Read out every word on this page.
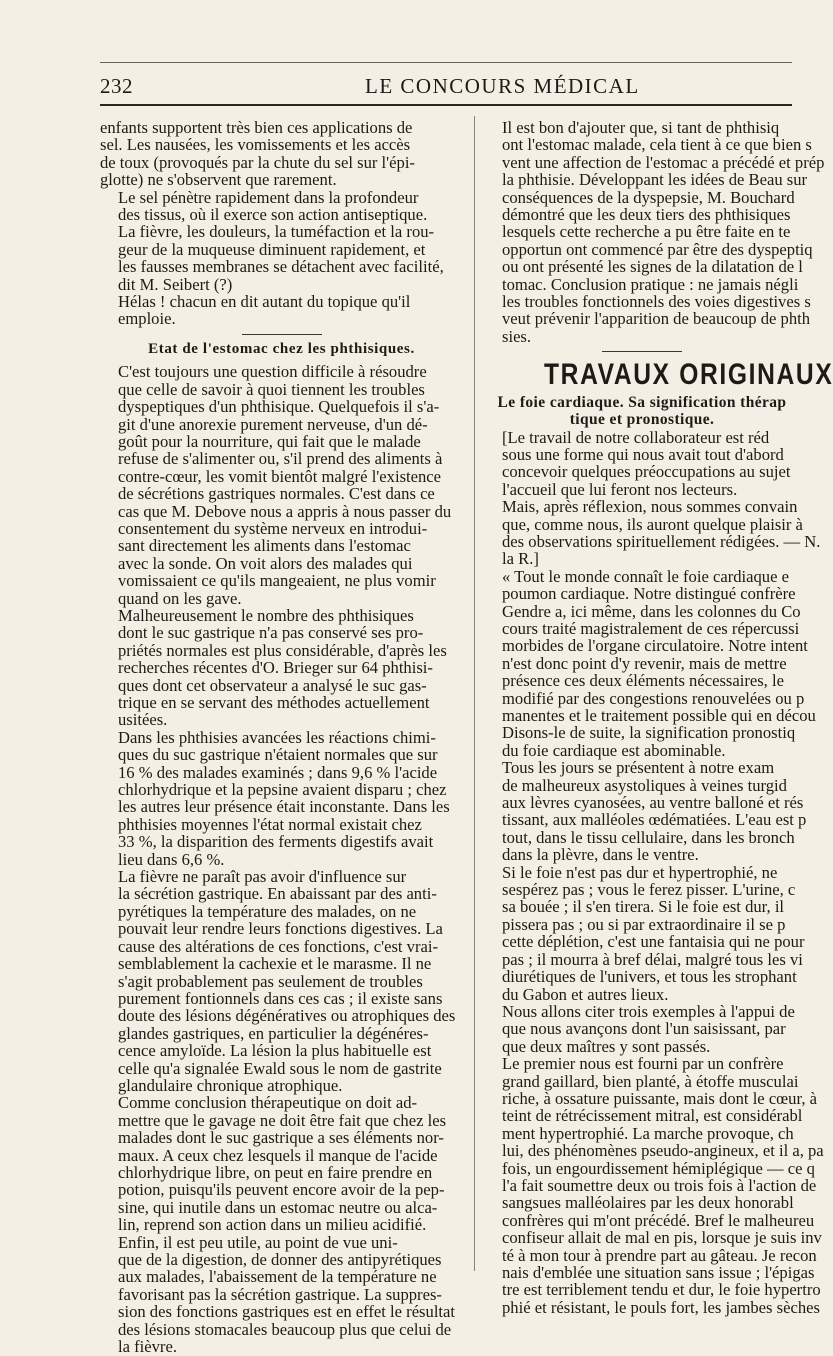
232	LE CONCOURS MÉDICAL

enfants supportent très bien ces applications de
sel. Les nausées, les vomissements et les accès
de toux (provoqués par la chute du sel sur l'épi-
glotte) ne s'observent que rarement.

Le sel pénètre rapidement dans la profondeur
des tissus, où il exerce son action antiseptique.
La fièvre, les douleurs, la tuméfaction et la rou-
geur de la muqueuse diminuent rapidement, et
les fausses membranes se détachent avec facilité,
dit M. Seibert (?)

Hélas ! chacun en dit autant du topique qu'il
emploie.

Etat de l'estomac chez les phthisiques.

C'est toujours une question difficile à résoudre
que celle de savoir à quoi tiennent les troubles
dyspeptiques d'un phthisique. Quelquefois il s'a-
git d'une anorexie purement nerveuse, d'un dé-
goût pour la nourriture, qui fait que le malade
refuse de s'alimenter ou, s'il prend des aliments à
contre-cœur, les vomit bientôt malgré l'existence
de sécrétions gastriques normales. C'est dans ce
cas que M. Debove nous a appris à nous passer du
consentement du système nerveux en introdui-
sant directement les aliments dans l'estomac
avec la sonde. On voit alors des malades qui
vomissaient ce qu'ils mangeaient, ne plus vomir
quand on les gave.

Malheureusement le nombre des phthisiques
dont le suc gastrique n'a pas conservé ses pro-
priétés normales est plus considérable, d'après les
recherches récentes d'O. Brieger sur 64 phthisi-
ques dont cet observateur a analysé le suc gas-
trique en se servant des méthodes actuellement
usitées.

Dans les phthisies avancées les réactions chimi-
ques du suc gastrique n'étaient normales que sur
16 % des malades examinés ; dans 9,6 % l'acide
chlorhydrique et la pepsine avaient disparu ; chez
les autres leur présence était inconstante. Dans les
phthisies moyennes l'état normal existait chez
33 %, la disparition des ferments digestifs avait
lieu dans 6,6 %.

La fièvre ne paraît pas avoir d'influence sur
la sécrétion gastrique. En abaissant par des anti-
pyrétiques la température des malades, on ne
pouvait leur rendre leurs fonctions digestives. La
cause des altérations de ces fonctions, c'est vrai-
semblablement la cachexie et le marasme. Il ne
s'agit probablement pas seulement de troubles
purement fontionnels dans ces cas ; il existe sans
doute des lésions dégénératives ou atrophiques des
glandes gastriques, en particulier la dégénéres-
cence amyloïde. La lésion la plus habituelle est
celle qu'a signalée Ewald sous le nom de gastrite
glandulaire chronique atrophique.

Comme conclusion thérapeutique on doit ad-
mettre que le gavage ne doit être fait que chez les
malades dont le suc gastrique a ses éléments nor-
maux. A ceux chez lesquels il manque de l'acide
chlorhydrique libre, on peut en faire prendre en
potion, puisqu'ils peuvent encore avoir de la pep-
sine, qui inutile dans un estomac neutre ou alca-
lin, reprend son action dans un milieu acidifié.
Enfin, il est peu utile, au point de vue uni-
que de la digestion, de donner des antipyrétiques
aux malades, l'abaissement de la température ne
favorisant pas la sécrétion gastrique. La suppres-
sion des fonctions gastriques est en effet le résultat
des lésions stomacales beaucoup plus que celui de
la fièvre.

Il est bon d'ajouter que, si tant de phthisiq
ont l'estomac malade, cela tient à ce que bien s
vent une affection de l'estomac a précédé et prép
la phthisie. Développant les idées de Beau sur
conséquences de la dyspepsie, M. Bouchard
démontré que les deux tiers des phthisiques
lesquels cette recherche a pu être faite en te
opportun ont commencé par être des dyspeptiq
ou ont présenté les signes de la dilatation de l
tomac. Conclusion pratique : ne jamais négli
les troubles fonctionnels des voies digestives s
veut prévenir l'apparition de beaucoup de phth
sies.

TRAVAUX ORIGINAUX
Le foie cardiaque. Sa signification thérap
tique et pronostique.

[Le travail de notre collaborateur est réd
sous une forme qui nous avait tout d'abord
concevoir quelques préoccupations au sujet
l'accueil que lui feront nos lecteurs.

Mais, après réflexion, nous sommes convain
que, comme nous, ils auront quelque plaisir à
des observations spirituellement rédigées. — N.
la R.]

« Tout le monde connaît le foie cardiaque e
poumon cardiaque. Notre distingué confrère
Gendre a, ici même, dans les colonnes du Co
cours traité magistralement de ces répercussi
morbides de l'organe circulatoire. Notre intent
n'est donc point d'y revenir, mais de mettre
présence ces deux éléments nécessaires, le
modifié par des congestions renouvelées ou p
manentes et le traitement possible qui en décou

Disons-le de suite, la signification pronostiq
du foie cardiaque est abominable.

Tous les jours se présentent à notre exam
de malheureux asystoliques à veines turgid
aux lèvres cyanosées, au ventre balloné et rés
tissant, aux malléoles œdématiées. L'eau est p
tout, dans le tissu cellulaire, dans les bronch
dans la plèvre, dans le ventre.

Si le foie n'est pas dur et hypertrophié, ne
sespérez pas ; vous le ferez pisser. L'urine, c
sa bouée ; il s'en tirera. Si le foie est dur, il
pissera pas ; ou si par extraordinaire il se p
cette déplétion, c'est une fantaisia qui ne pour
pas ; il mourra à bref délai, malgré tous les vi
diurétiques de l'univers, et tous les strophant
du Gabon et autres lieux.

Nous allons citer trois exemples à l'appui de
que nous avançons dont l'un saisissant, par
que deux maîtres y sont passés.

Le premier nous est fourni par un confrère
grand gaillard, bien planté, à étoffe musculai
riche, à ossature puissante, mais dont le cœur, à
teint de rétrécissement mitral, est considérabl
ment hypertrophié. La marche provoque, ch
lui, des phénomènes pseudo-angineux, et il a, pa
fois, un engourdissement hémiplégique — ce q
l'a fait soumettre deux ou trois fois à l'action de
sangsues malléolaires par les deux honorabl
confrères qui m'ont précédé. Bref le malheureu
confiseur allait de mal en pis, lorsque je suis inv
té à mon tour à prendre part au gâteau. Je recon
nais d'emblée une situation sans issue ; l'épigas
tre est terriblement tendu et dur, le foie hypertro
phié et résistant, le pouls fort, les jambes sèches
